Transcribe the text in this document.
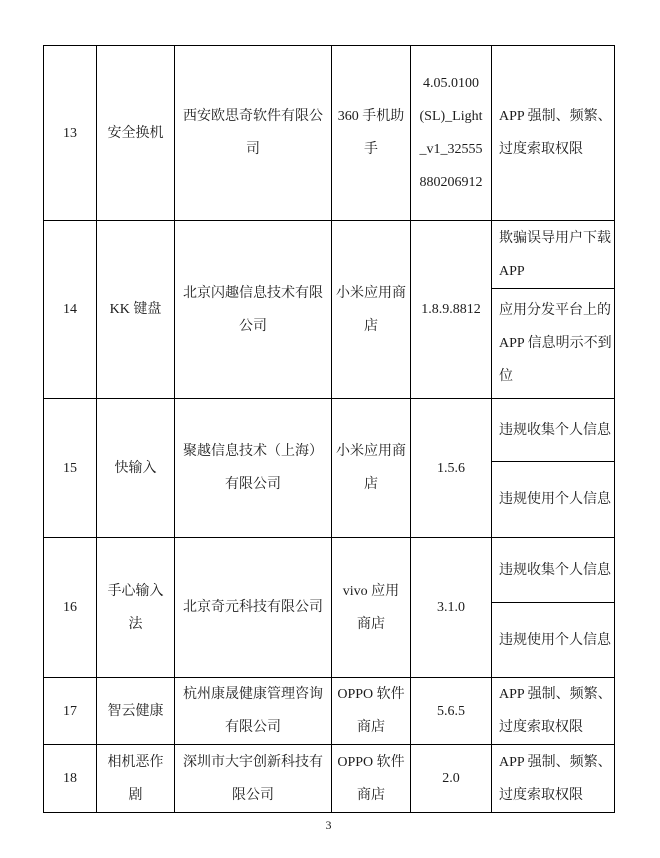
13	安全换机	西安欧思奇软件有限公司	360 手机助手	4.05.0100(SL)_Light_v1_32555880206912	APP 强制、频繁、过度索取权限
14	KK 键盘	北京闪趣信息技术有限公司	小米应用商店	1.8.9.8812	欺骗误导用户下载 APP
					应用分发平台上的 APP 信息明示不到位
15	快输入	聚越信息技术（上海）有限公司	小米应用商店	1.5.6	违规收集个人信息
					违规使用个人信息
16	手心输入法	北京奇元科技有限公司	vivo 应用商店	3.1.0	违规收集个人信息
					违规使用个人信息
17	智云健康	杭州康晟健康管理咨询有限公司	OPPO 软件商店	5.6.5	APP 强制、频繁、过度索取权限
18	相机恶作剧	深圳市大宇创新科技有限公司	OPPO 软件商店	2.0	APP 强制、频繁、过度索取权限
3
